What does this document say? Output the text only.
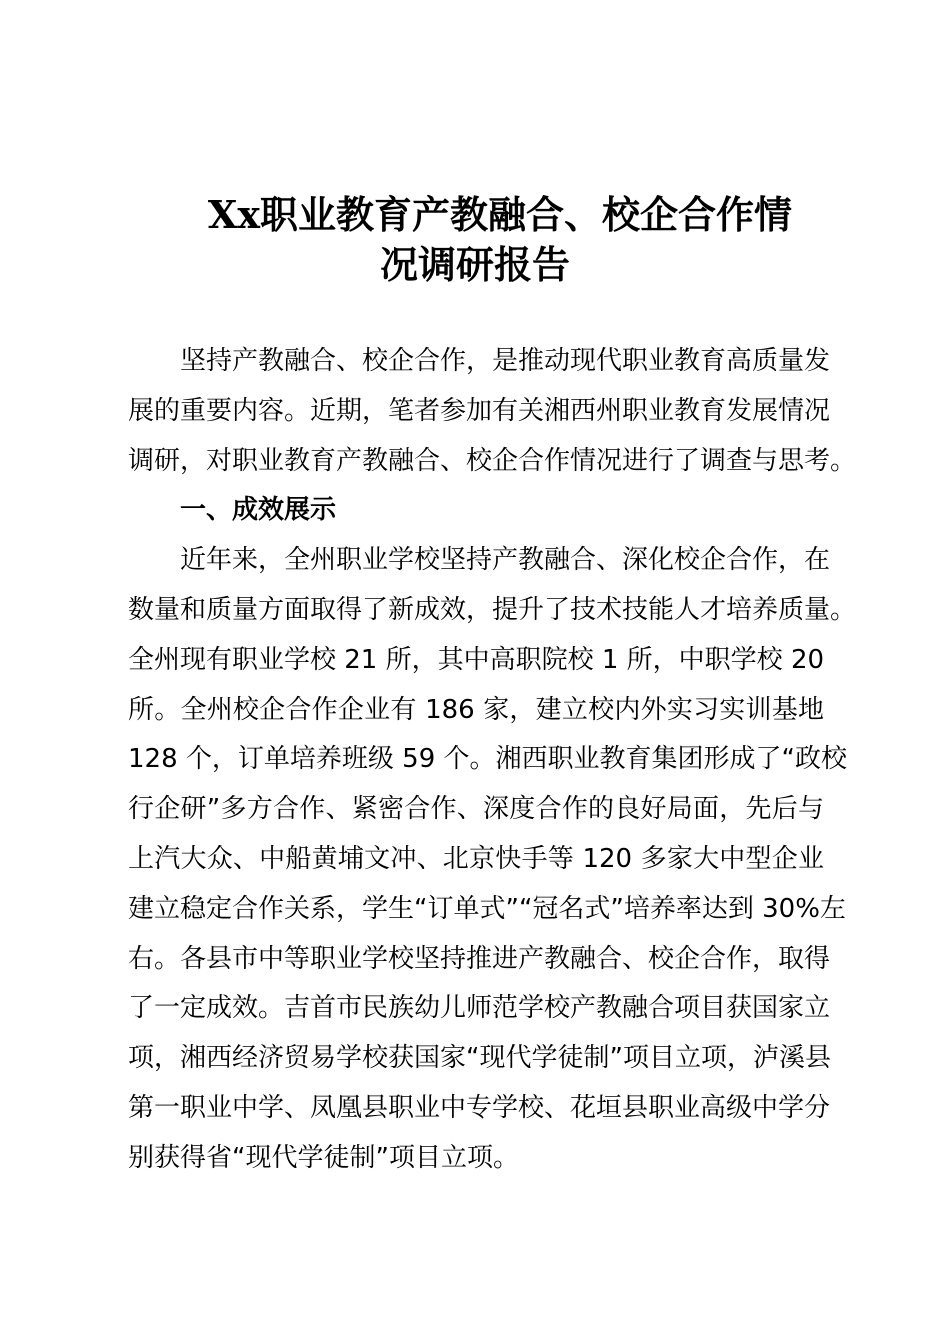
Xx职业教育产教融合、校企合作情
况调研报告
坚持产教融合、校企合作，是推动现代职业教育高质量发
展的重要内容。近期，笔者参加有关湘西州职业教育发展情况
调研，对职业教育产教融合、校企合作情况进行了调查与思考。
一、成效展示
近年来，全州职业学校坚持产教融合、深化校企合作，在
数量和质量方面取得了新成效，提升了技术技能人才培养质量。
全州现有职业学校 21 所，其中高职院校 1 所，中职学校 20
所。全州校企合作企业有 186 家，建立校内外实习实训基地
128 个，订单培养班级 59 个。湘西职业教育集团形成了“政校
行企研”多方合作、紧密合作、深度合作的良好局面，先后与
上汽大众、中船黄埔文冲、北京快手等 120 多家大中型企业
建立稳定合作关系，学生“订单式”“冠名式”培养率达到 30%左
右。各县市中等职业学校坚持推进产教融合、校企合作，取得
了一定成效。吉首市民族幼儿师范学校产教融合项目获国家立
项，湘西经济贸易学校获国家“现代学徒制”项目立项，泸溪县
第一职业中学、凤凰县职业中专学校、花垣县职业高级中学分
别获得省“现代学徒制”项目立项。
